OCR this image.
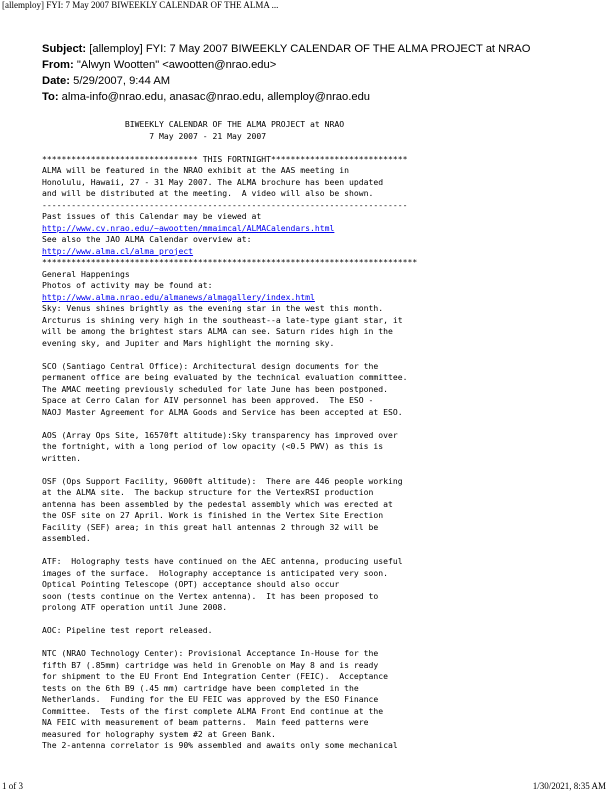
[allemploy] FYI: 7 May 2007 BIWEEKLY CALENDAR OF THE ALMA ...
Subject: [allemploy] FYI: 7 May 2007 BIWEEKLY CALENDAR OF THE ALMA PROJECT at NRAO
From: "Alwyn Wootten" <awootten@nrao.edu>
Date: 5/29/2007, 9:44 AM
To: alma-info@nrao.edu, anasac@nrao.edu, allemploy@nrao.edu
BIWEEKLY CALENDAR OF THE ALMA PROJECT at NRAO
7 May 2007 - 21 May 2007
******************************** THIS FORTNIGHT****************************
ALMA will be featured in the NRAO exhibit at the AAS meeting in
Honolulu, Hawaii, 27 - 31 May 2007. The ALMA brochure has been updated
and will be distributed at the meeting.  A video will also be shown.
---------------------------------------------------------------------------
Past issues of this Calendar may be viewed at
http://www.cv.nrao.edu/~awootten/mmaimcal/ALMACalendars.html
See also the JAO ALMA Calendar overview at:
http://www.alma.cl/alma_project
*****************************************************************************
General Happenings
Photos of activity may be found at:
http://www.alma.nrao.edu/almanews/almagallery/index.html
Sky: Venus shines brightly as the evening star in the west this month.
Arcturus is shining very high in the southeast--a late-type giant star, it
will be among the brightest stars ALMA can see. Saturn rides high in the
evening sky, and Jupiter and Mars highlight the morning sky.
SCO (Santiago Central Office): Architectural design documents for the
permanent office are being evaluated by the technical evaluation committee.
The AMAC meeting previously scheduled for late June has been postponed.
Space at Cerro Calan for AIV personnel has been approved.  The ESO -
NAOJ Master Agreement for ALMA Goods and Service has been accepted at ESO.
AOS (Array Ops Site, 16570ft altitude):Sky transparency has improved over
the fortnight, with a long period of low opacity (<0.5 PWV) as this is
written.
OSF (Ops Support Facility, 9600ft altitude):  There are 446 people working
at the ALMA site.  The backup structure for the VertexRSI production
antenna has been assembled by the pedestal assembly which was erected at
the OSF site on 27 April. Work is finished in the Vertex Site Erection
Facility (SEF) area; in this great hall antennas 2 through 32 will be
assembled.
ATF:  Holography tests have continued on the AEC antenna, producing useful
images of the surface.  Holography acceptance is anticipated very soon.
Optical Pointing Telescope (OPT) acceptance should also occur
soon (tests continue on the Vertex antenna).  It has been proposed to
prolong ATF operation until June 2008.
AOC: Pipeline test report released.
NTC (NRAO Technology Center): Provisional Acceptance In-House for the
fifth B7 (.85mm) cartridge was held in Grenoble on May 8 and is ready
for shipment to the EU Front End Integration Center (FEIC).  Acceptance
tests on the 6th B9 (.45 mm) cartridge have been completed in the
Netherlands.  Funding for the EU FEIC was approved by the ESO Finance
Committee.  Tests of the first complete ALMA Front End continue at the
NA FEIC with measurement of beam patterns.  Main feed patterns were
measured for holography system #2 at Green Bank.
The 2-antenna correlator is 90% assembled and awaits only some mechanical
1 of 3	1/30/2021, 8:35 AM
